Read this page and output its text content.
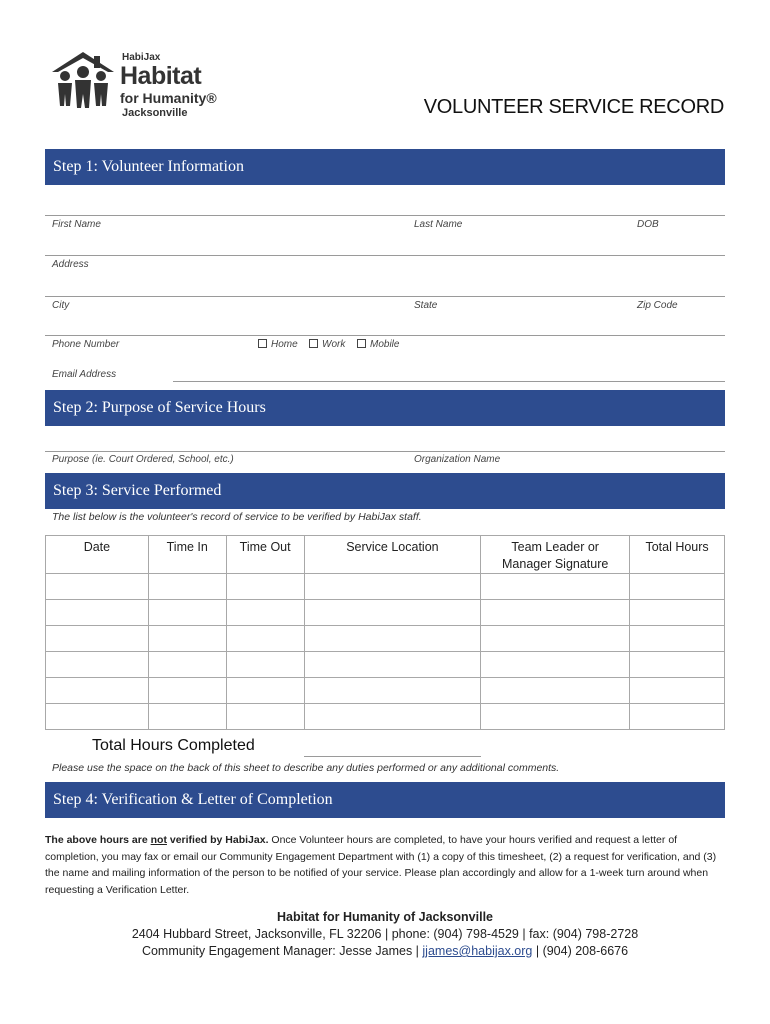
HabiJax
Habitat
for Humanity®
Jacksonville	VOLUNTEER SERVICE RECORD
Step 1: Volunteer Information
First Name	Last Name	DOB
Address
City	State	Zip Code
Phone Number	Home	Work	Mobile
Email Address
Step 2: Purpose of Service Hours
Purpose (ie. Court Ordered, School, etc.)	Organization Name
Step 3: Service Performed
The list below is the volunteer's record of service to be verified by HabiJax staff.
Date	Time In	Time Out	Service Location	Team Leader or Manager Signature	Total Hours

Total Hours Completed
Please use the space on the back of this sheet to describe any duties performed or any additional comments.
Step 4: Verification & Letter of Completion
The above hours are not verified by HabiJax. Once Volunteer hours are completed, to have your hours verified and request a letter of completion, you may fax or email our Community Engagement Department with (1) a copy of this timesheet, (2) a request for verification, and (3) the name and mailing information of the person to be notified of your service. Please plan accordingly and allow for a 1-week turn around when requesting a Verification Letter.
Habitat for Humanity of Jacksonville
2404 Hubbard Street, Jacksonville, FL 32206 | phone: (904) 798-4529 | fax: (904) 798-2728
Community Engagement Manager: Jesse James | jjames@habijax.org | (904) 208-6676
